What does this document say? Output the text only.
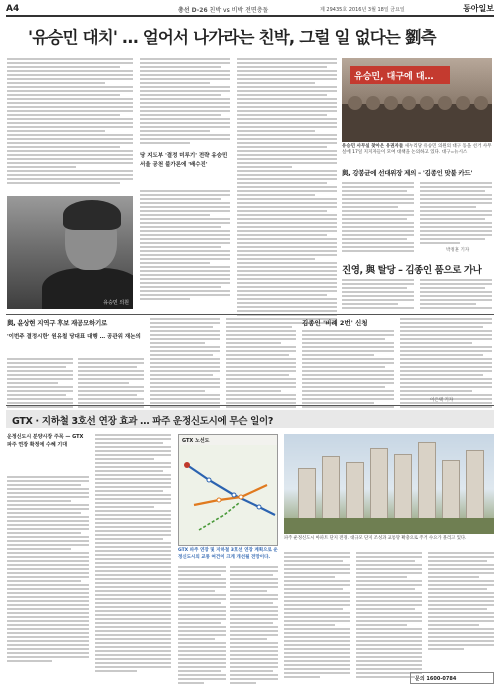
A4	총선 D-26 친박 vs 비박 전면충돌	제 29435호 2016년 3월 18일 금요일	동아일보
'유승민 대치' … 얼어서 나가라는 친박, 그럴 일 없다는 劉측
유승민 의원
당 지도부 '결정 미루기' 전략 유승민 서울 공천 불가론에 '배수진'
유승민, 대구에 대…
유승민 사무실 찾아온 유권자들 새누리당 유승민 의원의 대구 동을 선거 사무실에 17일 지지자들이 모여 대책을 논의하고 있다. 대구=뉴시스
與, 강봉균에 선대위장 제의 – '김종인 맞불 카드'
박정훈 기자
진영, 與 탈당 – 김종인 품으로 가나
與, 윤상현 지역구 후보 재공모하기로
'이번주 결정시한' 원유철 당대표 대행 … 공관위 재논의
김종인 '비례 2번' 신청
이은택 기자
GTX · 지하철 3호선 연장 효과 … 파주 운정신도시에 무슨 일이?
운정신도시 분양시장 주목 — GTX 파주 연장 확정에 수혜 기대
GTX 노선도
GTX 파주 연장 및 지하철 3호선 연장 계획으로 운정신도시의 교통 여건이 크게 개선될 전망이다.
파주 운정신도시 아파트 단지 전경. 대규모 단지 조성과 교통망 확충으로 주거 수요가 몰리고 있다.
문의 1600-0784
